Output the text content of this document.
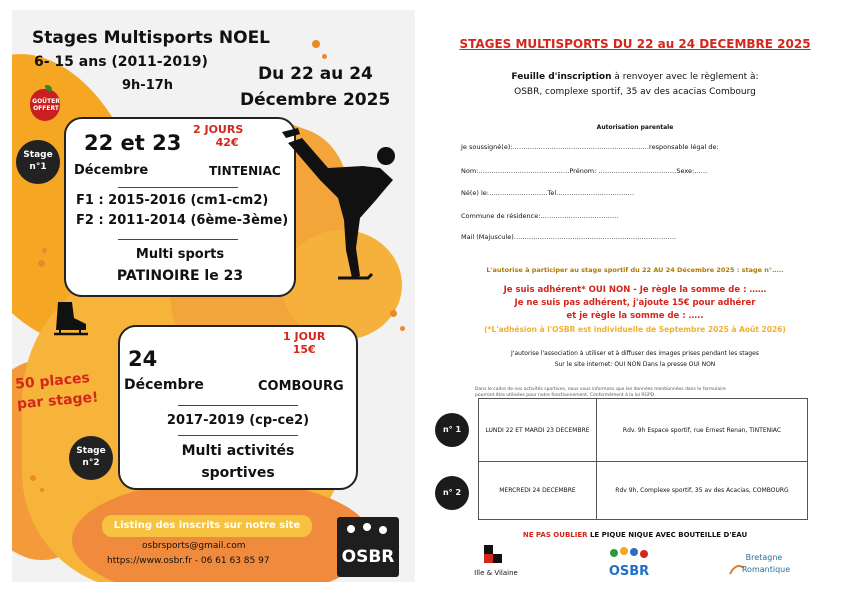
Stages Multisports NOEL
6- 15 ans (2011-2019)
9h-17h
Du 22 au 24
Décembre 2025
GOÛTER OFFERT
Stage
n°1
22 et 23
2 JOURS
42€
Décembre	TINTENIAC
F1 : 2015-2016 (cm1-cm2)
F2 : 2011-2014 (6ème-3ème)
Multi sports
PATINOIRE le 23
50 places
par stage!
24
1 JOUR
15€
Décembre	COMBOURG
2017-2019 (cp-ce2)
Multi activités
sportives
Stage
n°2
Listing des inscrits sur notre site
osbrsports@gmail.com
https://www.osbr.fr - 06 61 63 85 97	OSBR
STAGES MULTISPORTS DU 22 au 24 DECEMBRE 2025
Feuille d'inscription à renvoyer avec le règlement à:
OSBR, complexe sportif, 35 av des acacias Combourg
Autorisation parentale
Je soussigné(e):………………………………………………………responsable légal de:
Nom:……………………………………Prénom: ………………………………Sexe:……
Né(e) le:………………………Tel………………………………
Commune de résidence:………………………………
Mail (Majuscule)…………………………………………………………………
L'autorise à participer au stage sportif du 22 AU 24 Décembre 2025 : stage n°…..
Je suis adhérent* OUI NON - Je règle la somme de : ……
Je ne suis pas adhérent, j'ajoute 15€ pour adhérer
et je règle la somme de : …..
(*L'adhésion à l'OSBR est individuelle de Septembre 2025 à Août 2026)
J'autorise l'association à utiliser et à diffuser des images prises pendant les stages
Sur le site internet: OUI NON Dans la presse OUI NON
Dans le cadre de nos activités sportives, nous vous informons que les données mentionnées dans le formulaire
pourront être utilisées pour notre fonctionnement. Conformément à la loi RGPD
LUNDI 22 ET MARDI 23 DECEMBRE	Rdv. 9h Espace sportif, rue Ernest Renan, TINTENIAC
MERCREDI 24 DECEMBRE	Rdv 9h, Complexe sportif, 35 av des Acacias, COMBOURG
n° 1
n° 2
NE PAS OUBLIER LE PIQUE NIQUE AVEC BOUTEILLE D'EAU
Ille & Vilaine	OSBR
Bretagne
Romantique
